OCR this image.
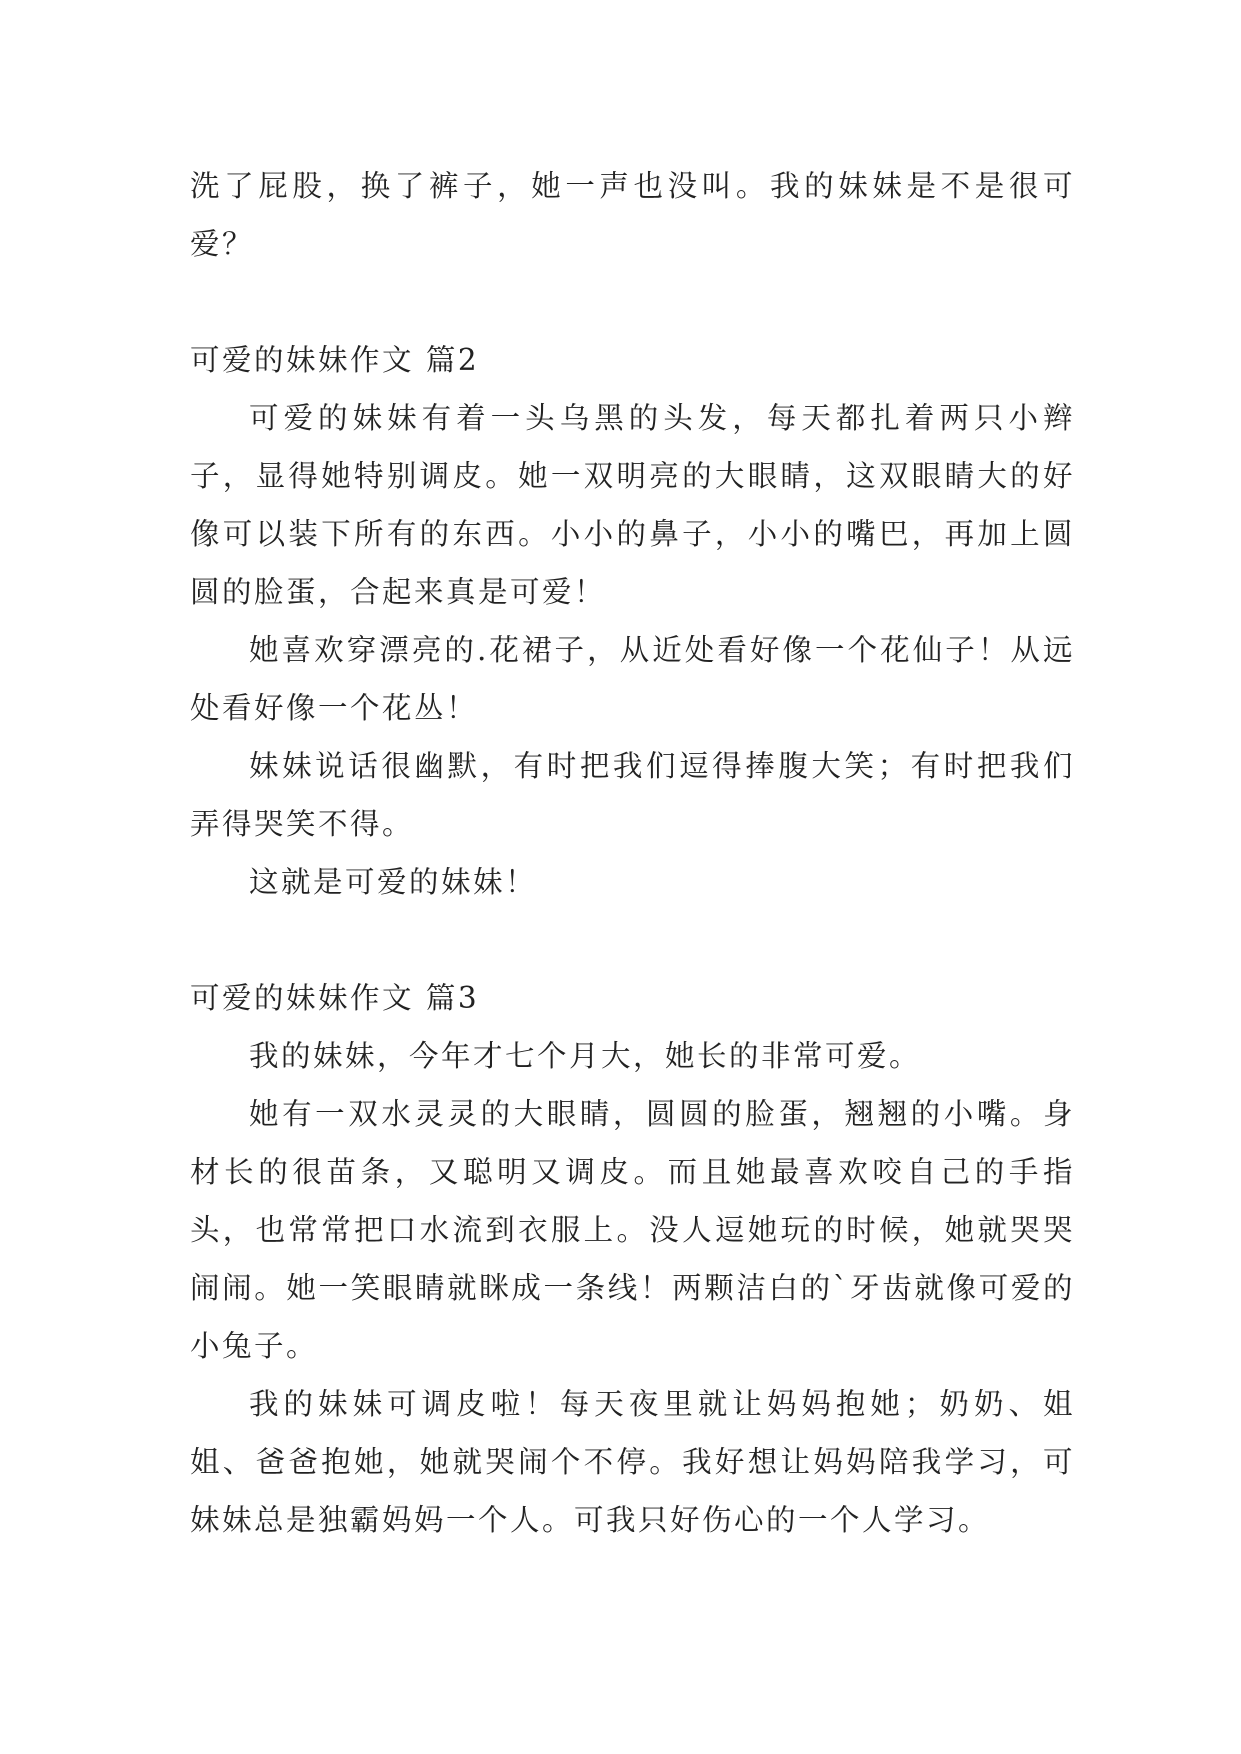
洗了屁股，换了裤子，她一声也没叫。我的妹妹是不是很可爱？

可爱的妹妹作文 篇2

可爱的妹妹有着一头乌黑的头发，每天都扎着两只小辫子，显得她特别调皮。她一双明亮的大眼睛，这双眼睛大的好像可以装下所有的东西。小小的鼻子，小小的嘴巴，再加上圆圆的脸蛋，合起来真是可爱！

她喜欢穿漂亮的.花裙子，从近处看好像一个花仙子！从远处看好像一个花丛！

妹妹说话很幽默，有时把我们逗得捧腹大笑；有时把我们弄得哭笑不得。

这就是可爱的妹妹！

可爱的妹妹作文 篇3

我的妹妹，今年才七个月大，她长的非常可爱。

她有一双水灵灵的大眼睛，圆圆的脸蛋，翘翘的小嘴。身材长的很苗条，又聪明又调皮。而且她最喜欢咬自己的手指头，也常常把口水流到衣服上。没人逗她玩的时候，她就哭哭闹闹。她一笑眼睛就眯成一条线！两颗洁白的`牙齿就像可爱的小兔子。

我的妹妹可调皮啦！每天夜里就让妈妈抱她；奶奶、姐姐、爸爸抱她，她就哭闹个不停。我好想让妈妈陪我学习，可妹妹总是独霸妈妈一个人。可我只好伤心的一个人学习。
